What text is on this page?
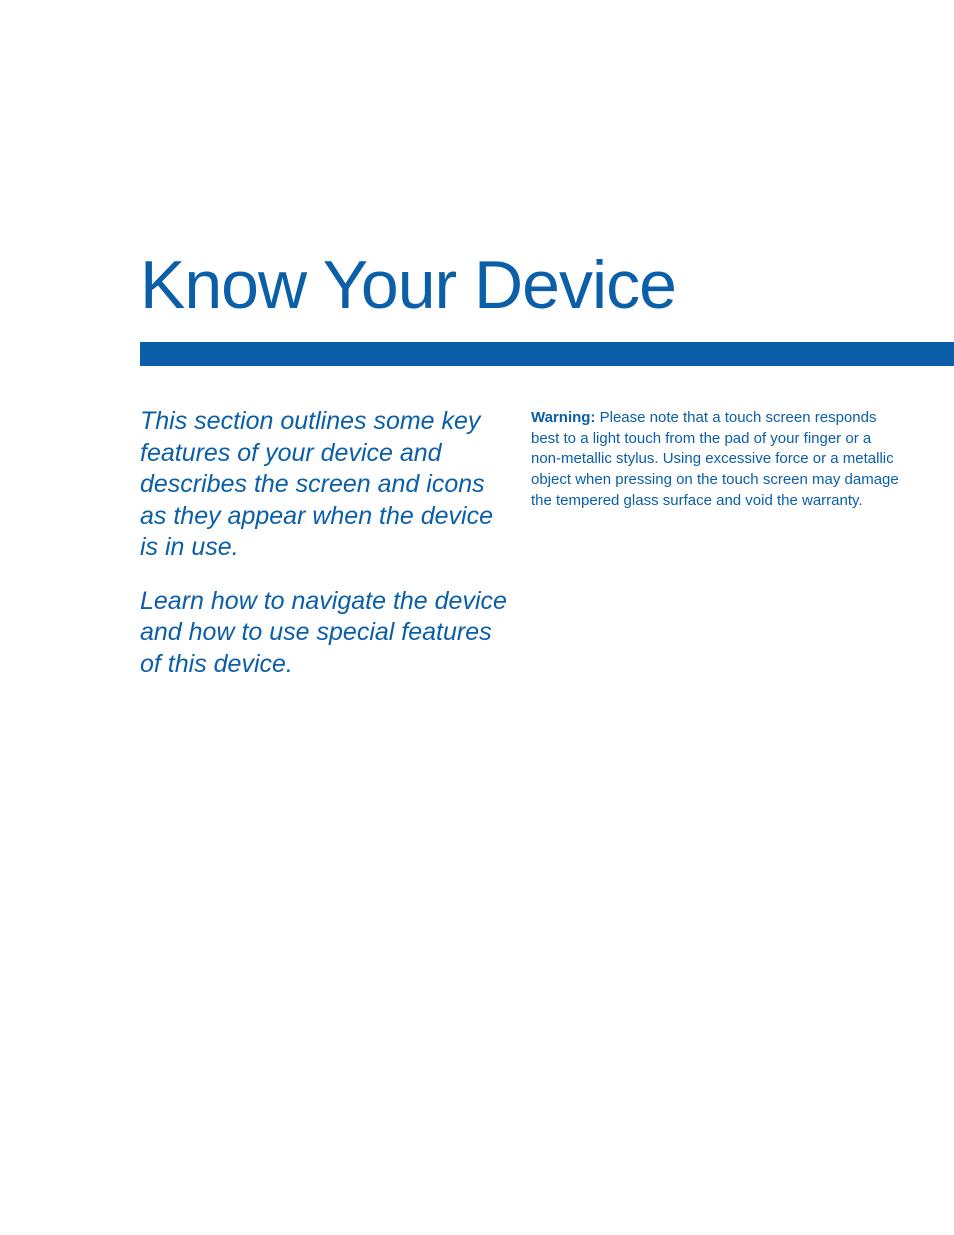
Know Your Device

This section outlines some key features of your device and describes the screen and icons as they appear when the device is in use.

Learn how to navigate the device and how to use special features of this device.

Warning: Please note that a touch screen responds best to a light touch from the pad of your finger or a non-metallic stylus. Using excessive force or a metallic object when pressing on the touch screen may damage the tempered glass surface and void the warranty.
